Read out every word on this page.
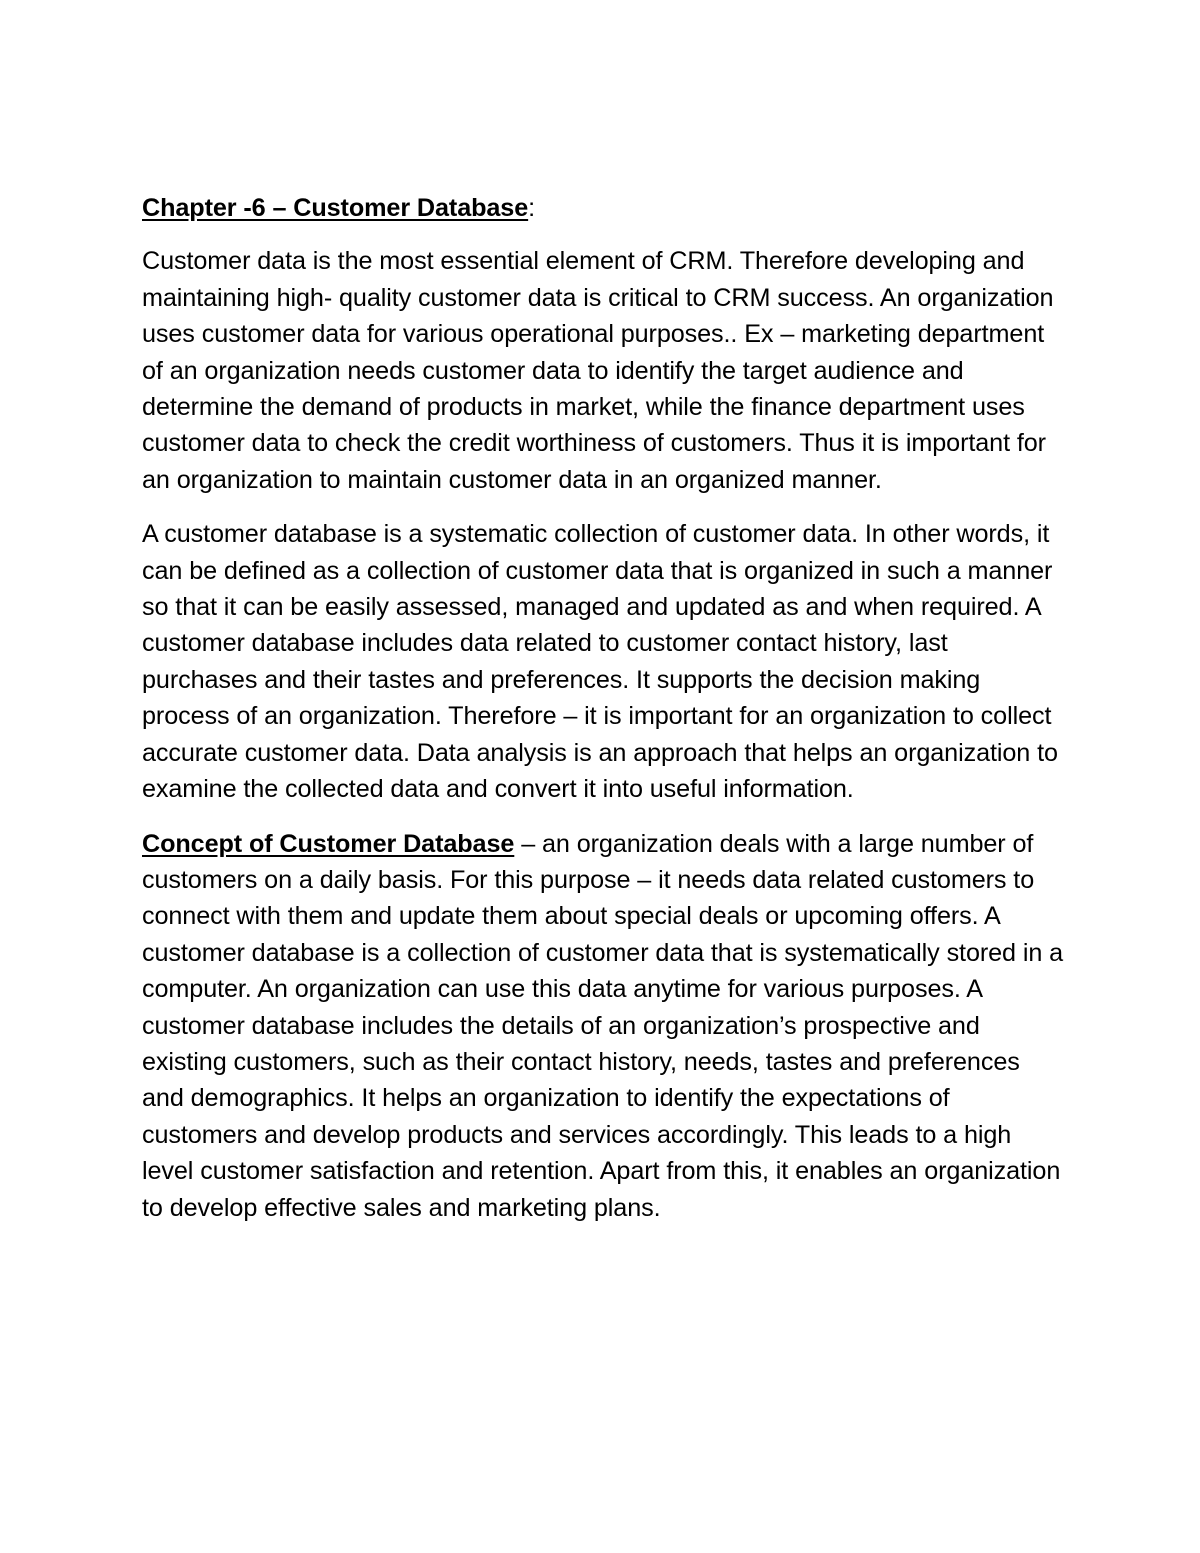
Chapter -6 – Customer Database:

Customer data is the most essential element of CRM. Therefore developing and maintaining high- quality customer data is critical to CRM success. An organization uses customer data for various operational purposes.. Ex – marketing department of an organization needs customer data to identify the target audience and determine the demand of products in market, while the finance department uses customer data to check the credit worthiness of customers. Thus it is important for an organization to maintain customer data in an organized manner.

A customer database is a systematic collection of customer data. In other words, it can be defined as a collection of customer data that is organized in such a manner so that it can be easily assessed, managed and updated as and when required. A customer database includes data related to customer contact history, last purchases and their tastes and preferences. It supports the decision making process of an organization. Therefore – it is important for an organization to collect accurate customer data. Data analysis is an approach that helps an organization to examine the collected data and convert it into useful information.

Concept of Customer Database – an organization deals with a large number of customers on a daily basis. For this purpose – it needs data related customers to connect with them and update them about special deals or upcoming offers. A customer database is a collection of customer data that is systematically stored in a computer. An organization can use this data anytime for various purposes. A customer database includes the details of an organization’s prospective and existing customers, such as their contact history, needs, tastes and preferences and demographics. It helps an organization to identify the expectations of customers and develop products and services accordingly. This leads to a high level customer satisfaction and retention. Apart from this, it enables an organization to develop effective sales and marketing plans.
